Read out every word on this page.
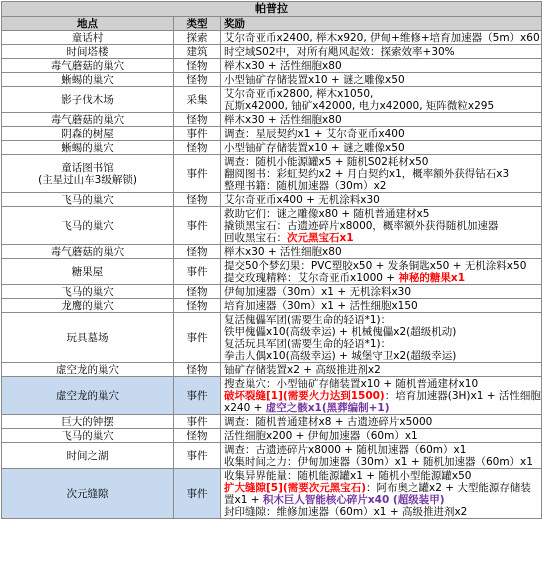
帕普拉		
地点	类型	奖励

童话村	探索	艾尔奇亚币x2400, 榉木x920, 伊甸+维修+培育加速器（5m）x60

时间塔楼	建筑	时空域S02中，对所有飓风起效：探索效率+30%

毒气蘑菇的巢穴	怪物	榉木x30 + 活性细胞x80

蜥蜴的巢穴	怪物	小型铀矿存储装置x10 + 谜之雕像x50

影子伐木场	采集	艾尔奇亚币x2800, 榉木x1050,
瓦斯x42000, 铀矿x42000, 电力x42000, 矩阵微粒x295

毒气蘑菇的巢穴	怪物	榉木x30 + 活性细胞x80

阴森的树屋	事件	调查：星辰契约x1 + 艾尔奇亚币x400

蜥蜴的巢穴	怪物	小型铀矿存储装置x10 + 谜之雕像x50

童话图书馆
(主星过山车3级解锁)	事件	调查：随机小能源罐x5 + 随机S02耗材x50
翻阅图书：彩虹契约x2 + 月白契约x1，概率额外获得钻石x3
整理书籍：随机加速器（30m）x2

飞马的巢穴	怪物	艾尔奇亚币x400 + 无机涂料x30

飞马的巢穴	事件	救助它们：谜之雕像x80 + 随机普通建材x5
撬锁黑宝石：古遗迹碎片x8000，概率额外获得随机加速器
回收黑宝石：次元黑宝石x1

毒气蘑菇的巢穴	怪物	榉木x30 + 活性细胞x80

糖果屋	事件	提交50个梦幻果：PVC塑胶x50 + 发条铜匙x50 + 无机涂料x50
提交玫瑰精粹：艾尔奇亚币x1000 + 神秘的糖果x1

飞马的巢穴	怪物	伊甸加速器（30m）x1 + 无机涂料x30

龙鹰的巢穴	怪物	培育加速器（30m）x1 + 活性细胞x150

玩具墓场	事件	复活傀儡军团(需要生命的轻语*1)：
铁甲傀儡x10(高级幸运) + 机械傀儡x2(超级机动)
复活玩具军团(需要生命的轻语*1)：
拳击人偶x10(高级幸运) + 城堡守卫x2(超级幸运)

虚空龙的巢穴	怪物	铀矿存储装置x2 + 高级推进剂x2

虚空龙的巢穴	事件	搜查巢穴：小型铀矿存储装置x10 + 随机普通建材x10
破坏裂缝[1](需要火力达到1500)：培育加速器(3H)x1 + 活性细胞
x240 + 虚空之骸x1(黑葬编制+1)

巨大的钟摆	事件	调查：随机普通建材x8 + 古遗迹碎片x5000

飞马的巢穴	怪物	活性细胞x200 + 伊甸加速器（60m）x1

时间之湖	事件	调查：古遗迹碎片x8000 + 随机加速器（60m）x1
收集时间之力：伊甸加速器（30m）x1 + 随机加速器（60m）x1

次元缝隙	事件	收集异界能量：随机能源罐x1 + 随机小型能源罐x50
扩大缝隙[5](需要次元黑宝石)：阿布奥之罐x2 + 大型能源存储装
置x1 + 积木巨人智能核心碎片x40 (超级装甲)
封印缝隙：维修加速器（60m）x1 + 高级推进剂x2
